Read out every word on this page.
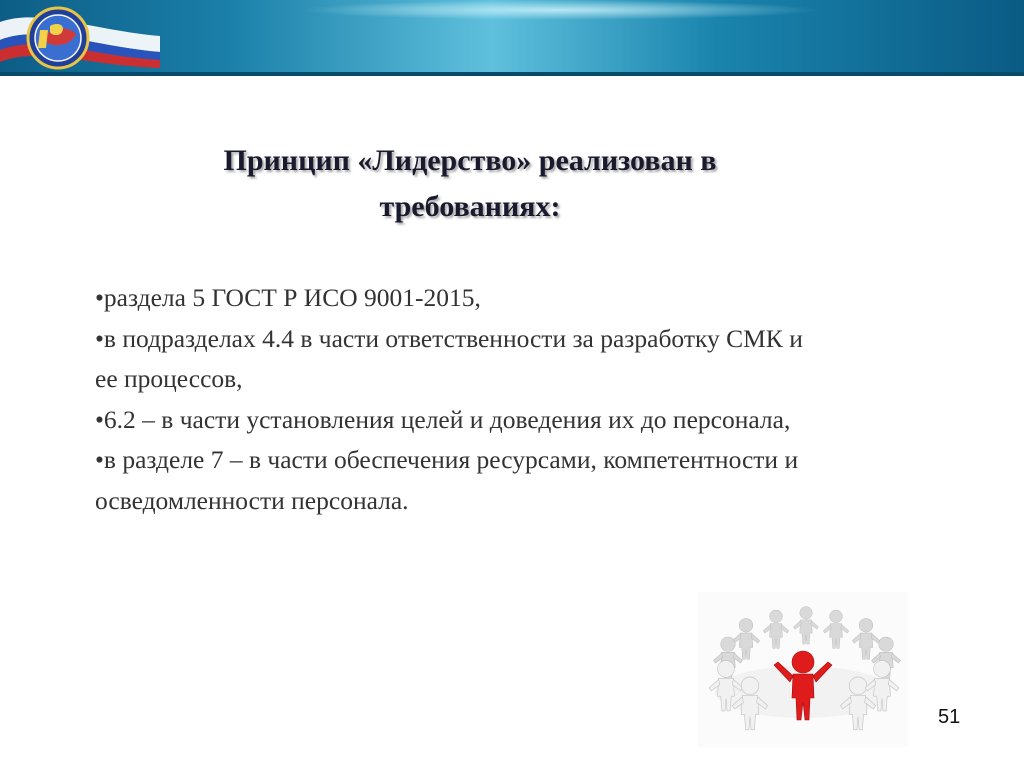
Принцип «Лидерство» реализован в
требованиях:

•раздела 5 ГОСТ Р ИСО 9001-2015,

•в подразделах 4.4 в части ответственности за разработку СМК и ее процессов,

•6.2 – в части установления целей и доведения их до персонала,

•в разделе 7 – в части обеспечения ресурсами, компетентности и осведомленности персонала.

51
